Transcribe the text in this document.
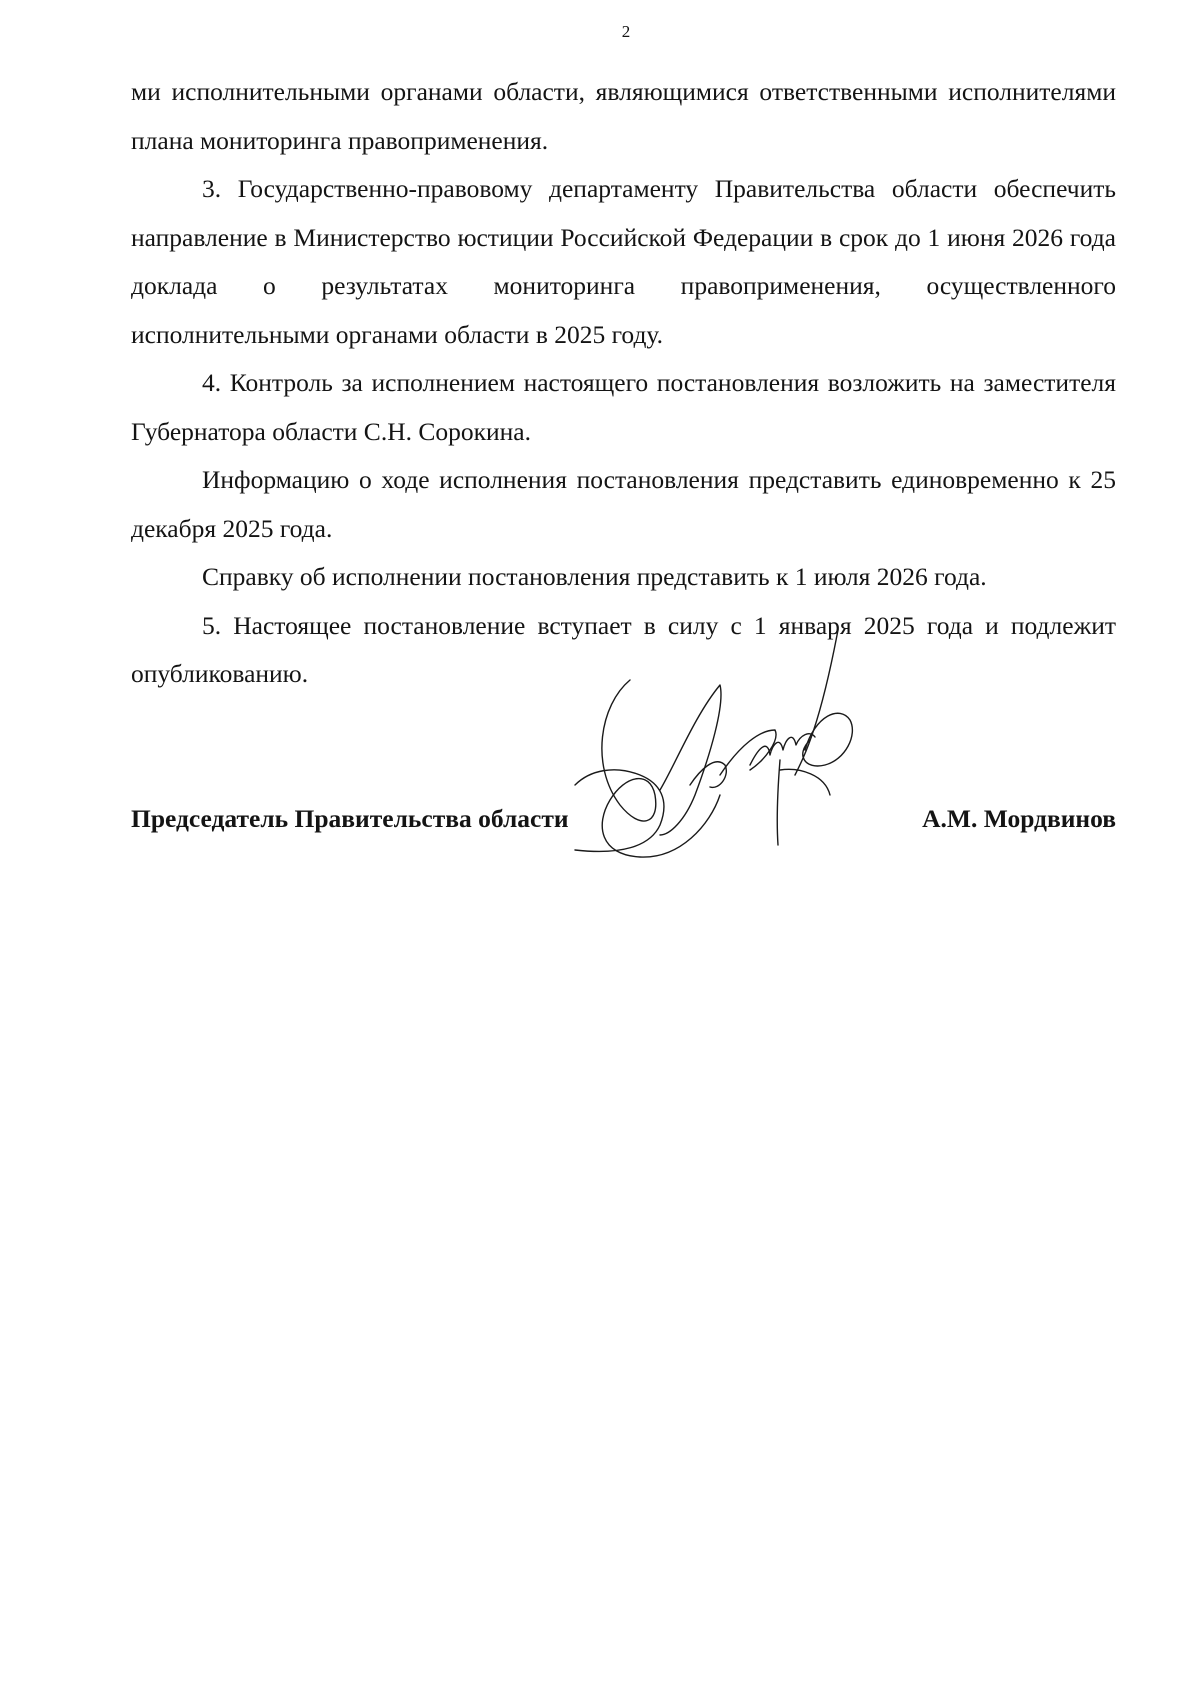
2

ми исполнительными органами области, являющимися ответственными исполнителями плана мониторинга правоприменения.

3. Государственно-правовому департаменту Правительства области обеспечить направление в Министерство юстиции Российской Федерации в срок до 1 июня 2026 года доклада о результатах мониторинга правоприменения, осуществленного исполнительными органами области в 2025 году.

4. Контроль за исполнением настоящего постановления возложить на заместителя Губернатора области С.Н. Сорокина.

Информацию о ходе исполнения постановления представить единовременно к 25 декабря 2025 года.

Справку об исполнении постановления представить к 1 июля 2026 года.

5. Настоящее постановление вступает в силу с 1 января 2025 года и подлежит опубликованию.

Председатель Правительства области	А.М. Мордвинов
